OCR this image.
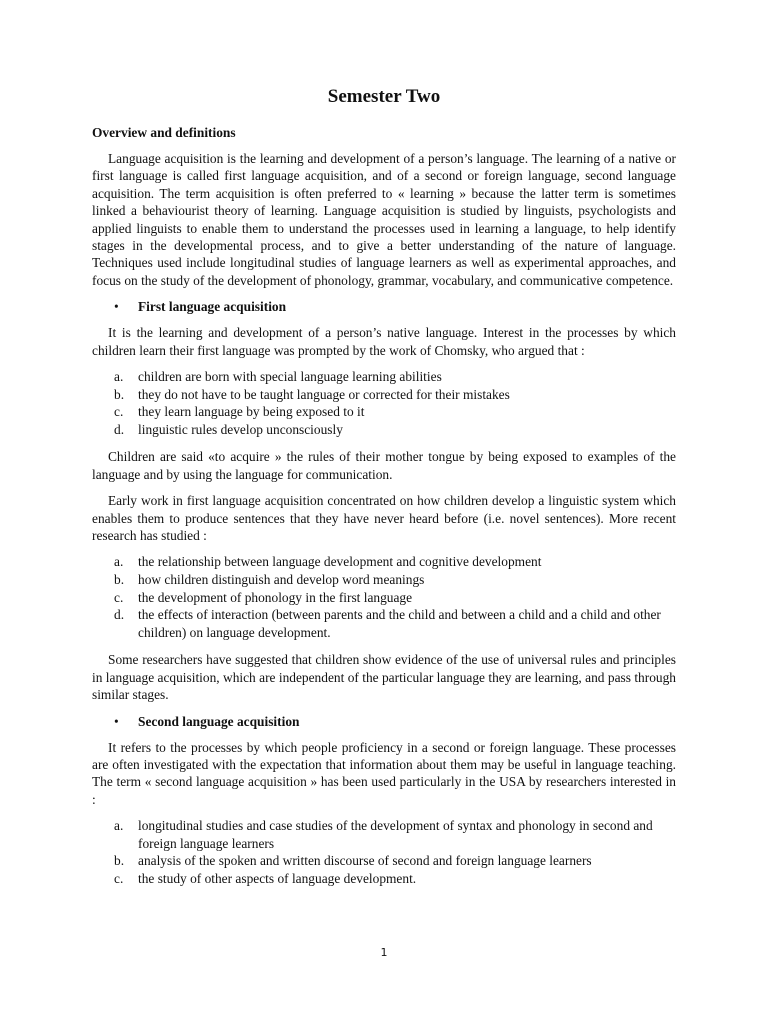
Semester Two
Overview and definitions

Language acquisition is the learning and development of a person’s language. The learning of a native or first language is called first language acquisition, and of a second or foreign language, second language acquisition. The term acquisition is often preferred to « learning » because the latter term is sometimes linked a behaviourist theory of learning. Language acquisition is studied by linguists, psychologists and applied linguists to enable them to understand the processes used in learning a language, to help identify stages in the developmental process, and to give a better understanding of the nature of language. Techniques used include longitudinal studies of language learners as well as experimental approaches, and focus on the study of the development of phonology, grammar, vocabulary, and communicative competence.

• First language acquisition

It is the learning and development of a person’s native language. Interest in the processes by which children learn their first language was prompted by the work of Chomsky, who argued that :

a. children are born with special language learning abilities
b. they do not have to be taught language or corrected for their mistakes
c. they learn language by being exposed to it
d. linguistic rules develop unconsciously

Children are said «to acquire » the rules of their mother tongue by being exposed to examples of the language and by using the language for communication.

Early work in first language acquisition concentrated on how children develop a linguistic system which enables them to produce sentences that they have never heard before (i.e. novel sentences). More recent research has studied :

a. the relationship between language development and cognitive development
b. how children distinguish and develop word meanings
c. the development of phonology in the first language
d. the effects of interaction (between parents and the child and between a child and a child and other children) on language development.

Some researchers have suggested that children show evidence of the use of universal rules and principles in language acquisition, which are independent of the particular language they are learning, and pass through similar stages.

• Second language acquisition

It refers to the processes by which people proficiency in a second or foreign language. These processes are often investigated with the expectation that information about them may be useful in language teaching. The term « second language acquisition » has been used particularly in the USA by researchers interested in :

a. longitudinal studies and case studies of the development of syntax and phonology in second and foreign language learners
b. analysis of the spoken and written discourse of second and foreign language learners
c. the study of other aspects of language development.
1
